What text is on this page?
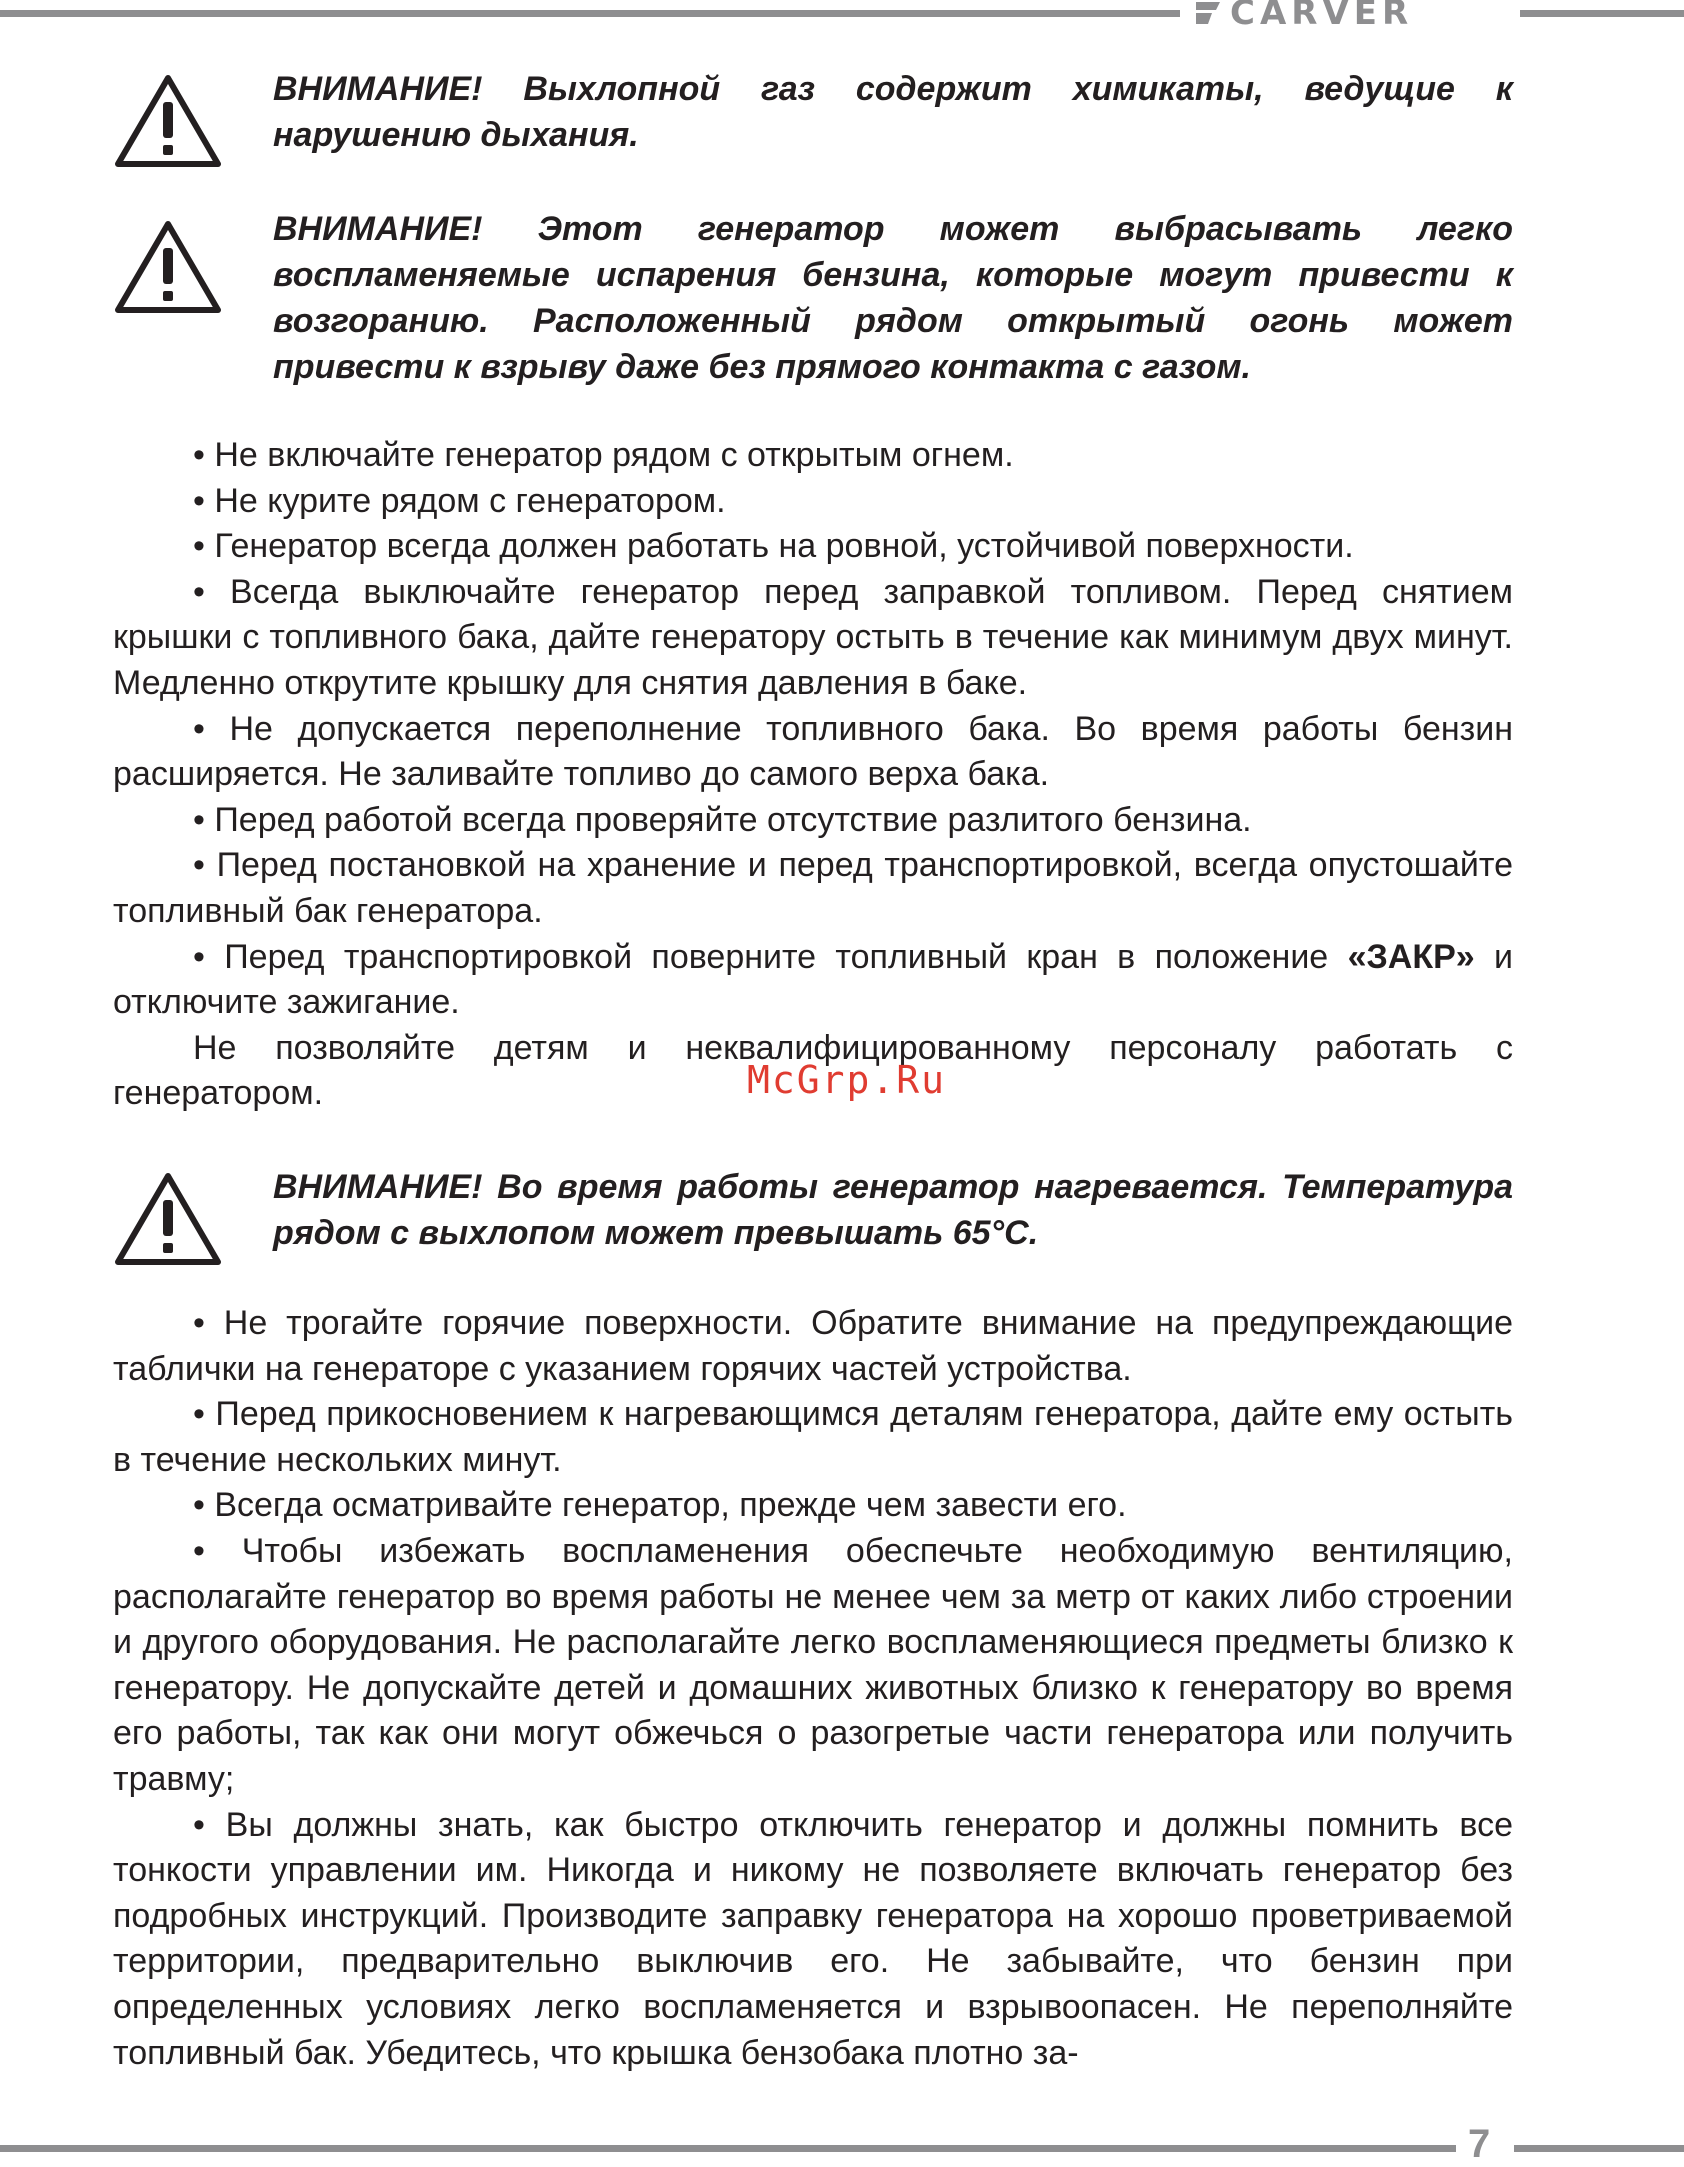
CARVER
ВНИМАНИЕ! Выхлопной газ содержит химикаты, ведущие к нарушению дыхания.
ВНИМАНИЕ! Этот генератор может выбрасывать легко воспламеняемые испарения бензина, которые могут привести к возгоранию. Расположенный рядом открытый огонь может привести к взрыву даже без прямого контакта с газом.

• Не включайте генератор рядом с открытым огнем.

• Не курите рядом с генератором.

• Генератор всегда должен работать на ровной, устойчивой поверхности.

• Всегда выключайте генератор перед заправкой топливом. Перед снятием крышки с топливного бака, дайте генератору остыть в течение как минимум двух минут. Медленно открутите крышку для снятия давления в баке.

• Не допускается переполнение топливного бака. Во время работы бензин расширяется. Не заливайте топливо до самого верха бака.

• Перед работой всегда проверяйте отсутствие разлитого бензина.

• Перед постановкой на хранение и перед транспортировкой, всегда опустошайте топливный бак генератора.

• Перед транспортировкой поверните топливный кран в положение «ЗАКР» и отключите зажигание.

Не позволяйте детям и неквалифицированному персоналу работать с генератором.	McGrp.Ru
ВНИМАНИЕ! Во время работы генератор нагревается. Температура рядом с выхлопом может превышать 65°С.

• Не трогайте горячие поверхности. Обратите внимание на предупреждающие таблички на генераторе с указанием горячих частей устройства.

• Перед прикосновением к нагревающимся деталям генератора, дайте ему остыть в течение нескольких минут.

• Всегда осматривайте генератор, прежде чем завести его.

• Чтобы избежать воспламенения обеспечьте необходимую вентиляцию, располагайте генератор во время работы не менее чем за метр от каких либо строении и другого оборудования. Не располагайте легко воспламеняющиеся предметы близко к генератору. Не допускайте детей и домашних животных близко к генератору во время его работы, так как они могут обжечься о разогретые части генератора или получить травму;

• Вы должны знать, как быстро отключить генератор и должны помнить все тонкости управлении им. Никогда и никому не позволяете включать генератор без подробных инструкций. Производите заправку генератора на хорошо проветриваемой территории, предварительно выключив его. Не забывайте, что бензин при определенных условиях легко воспламеняется и взрывоопасен. Не переполняйте топливный бак. Убедитесь, что крышка бензобака плотно за-

7
